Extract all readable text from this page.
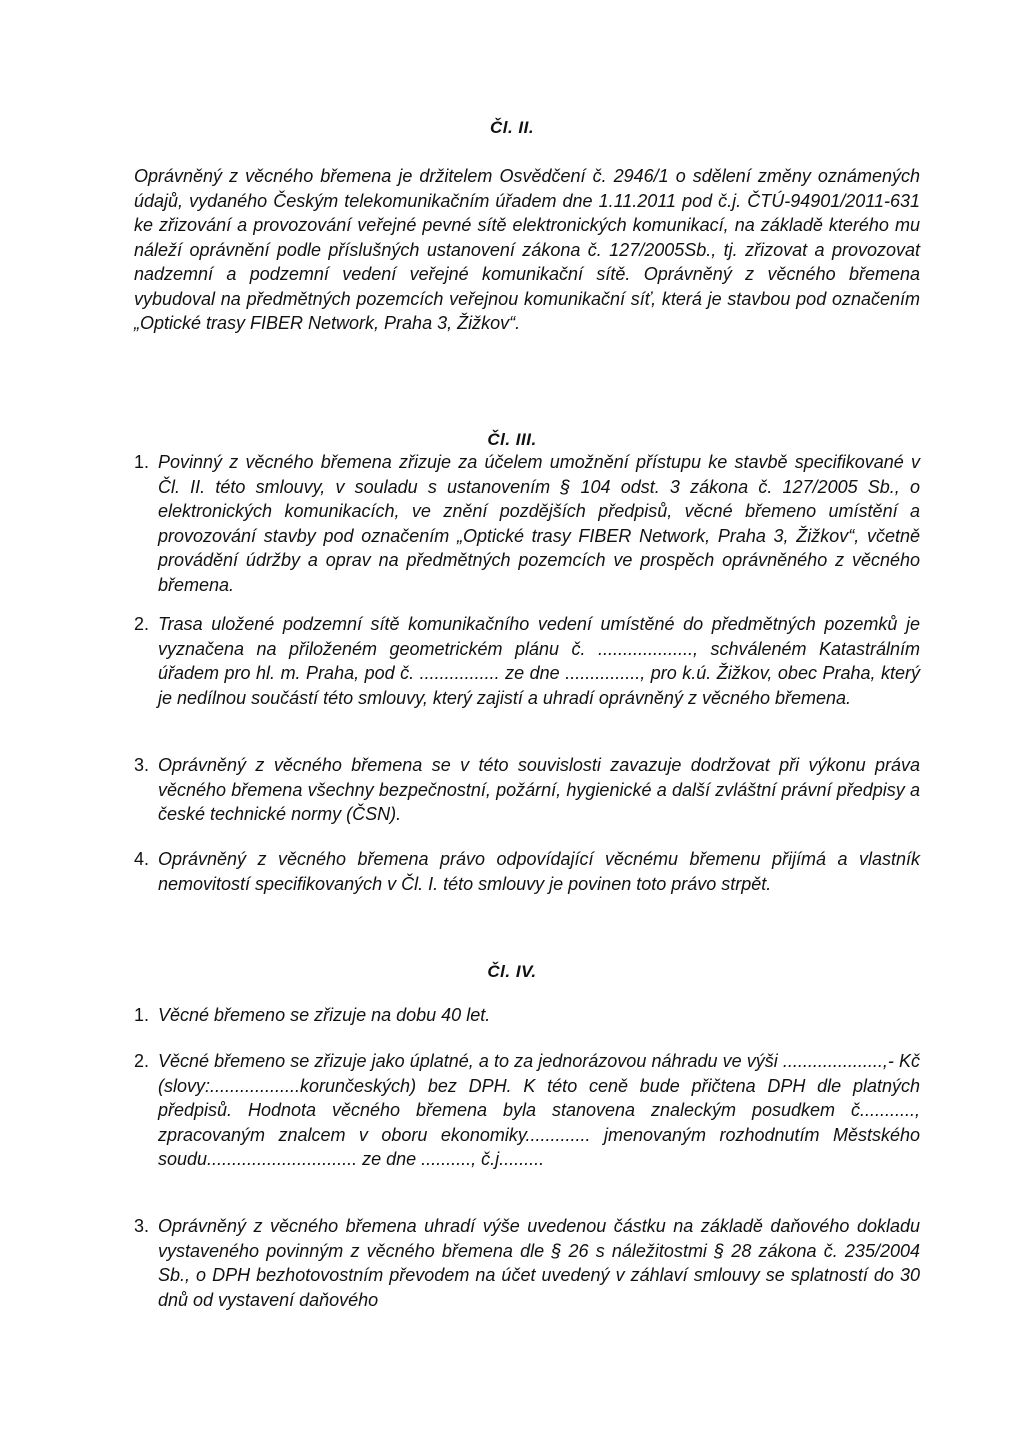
Čl. II.
Oprávněný z věcného břemena je držitelem Osvědčení č. 2946/1 o sdělení změny oznámených údajů, vydaného Českým telekomunikačním úřadem dne 1.11.2011 pod č.j. ČTÚ-94901/2011-631 ke zřizování a provozování veřejné pevné sítě elektronických komunikací, na základě kterého mu náleží oprávnění podle příslušných ustanovení zákona č. 127/2005Sb., tj. zřizovat a provozovat nadzemní a podzemní vedení veřejné komunikační sítě. Oprávněný z věcného břemena vybudoval na předmětných pozemcích veřejnou komunikační síť, která je stavbou pod označením „Optické trasy FIBER Network, Praha 3, Žižkov“.
Čl. III.
1. Povinný z věcného břemena zřizuje za účelem umožnění přístupu ke stavbě specifikované v Čl. II. této smlouvy, v souladu s ustanovením § 104 odst. 3 zákona č. 127/2005 Sb., o elektronických komunikacích, ve znění pozdějších předpisů, věcné břemeno umístění a provozování stavby pod označením „Optické trasy FIBER Network, Praha 3, Žižkov“, včetně provádění údržby a oprav na předmětných pozemcích ve prospěch oprávněného z věcného břemena.
2. Trasa uložené podzemní sítě komunikačního vedení umístěné do předmětných pozemků je vyznačena na přiloženém geometrickém plánu č. ..................., schváleném Katastrálním úřadem pro hl. m. Praha, pod č. ................ ze dne ..............., pro k.ú. Žižkov, obec Praha, který je nedílnou součástí této smlouvy, který zajistí a uhradí oprávněný z věcného břemena.
3. Oprávněný z věcného břemena se v této souvislosti zavazuje dodržovat při výkonu práva věcného břemena všechny bezpečnostní, požární, hygienické a další zvláštní právní předpisy a české technické normy (ČSN).
4. Oprávněný z věcného břemena právo odpovídající věcnému břemenu přijímá a vlastník nemovitostí specifikovaných v Čl. I. této smlouvy je povinen toto právo strpět.
Čl. IV.
1. Věcné břemeno se zřizuje na dobu 40 let.
2. Věcné břemeno se zřizuje jako úplatné, a to za jednorázovou náhradu ve výši ....................,- Kč (slovy:..................korunčeských) bez DPH. K této ceně bude přičtena DPH dle platných předpisů. Hodnota věcného břemena byla stanovena znaleckým posudkem č..........., zpracovaným znalcem v oboru ekonomiky............. jmenovaným rozhodnutím Městského soudu.............................. ze dne .........., č.j.........
3. Oprávněný z věcného břemena uhradí výše uvedenou částku na základě daňového dokladu vystaveného povinným z věcného břemena dle § 26 s náležitostmi § 28 zákona č. 235/2004 Sb., o DPH bezhotovostním převodem na účet uvedený v záhlaví smlouvy se splatností do 30 dnů od vystavení daňového
